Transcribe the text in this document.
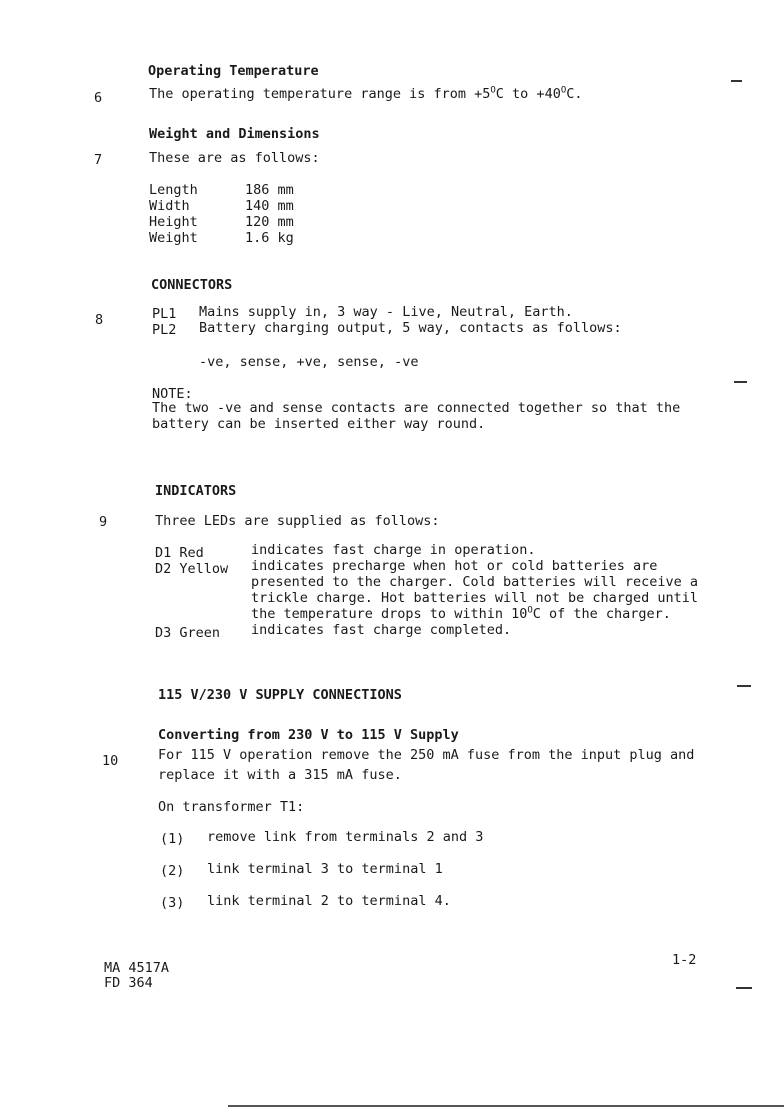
Operating Temperature
6	The operating temperature range is from $+5^OC$ to $+40^OC$.
Weight and Dimensions
7	These are as follows:
Length	186 mm
Width	140 mm
Height	120 mm
Weight	1.6 kg
CONNECTORS
8	PL1 Mains supply in, 3 way - Live, Neutral, Earth.
PL2 Battery charging output, 5 way, contacts as follows:
-ve, sense, +ve, sense, -ve
NOTE:
The two -ve and sense contacts are connected together so that the
battery can be inserted either way round.
INDICATORS
9	Three LEDs are supplied as follows:
D1 Red	indicates fast charge in operation.
D2 Yellow indicates precharge when hot or cold batteries are
presented to the charger. Cold batteries will receive a
trickle charge. Hot batteries will not be charged until
the temperature drops to within $10^OC$ of the charger.
D3 Green indicates fast charge completed.
115 V/230 V SUPPLY CONNECTIONS
Converting from 230 V to 115 V Supply
10	For 115 V operation remove the 250 mA fuse from the input plug and
replace it with a 315 mA fuse.
On transformer T1:
(1) remove link from terminals 2 and 3
(2) link terminal 3 to terminal 1
(3) link terminal 2 to terminal 4.
MA 4517A
FD 364
1-2
